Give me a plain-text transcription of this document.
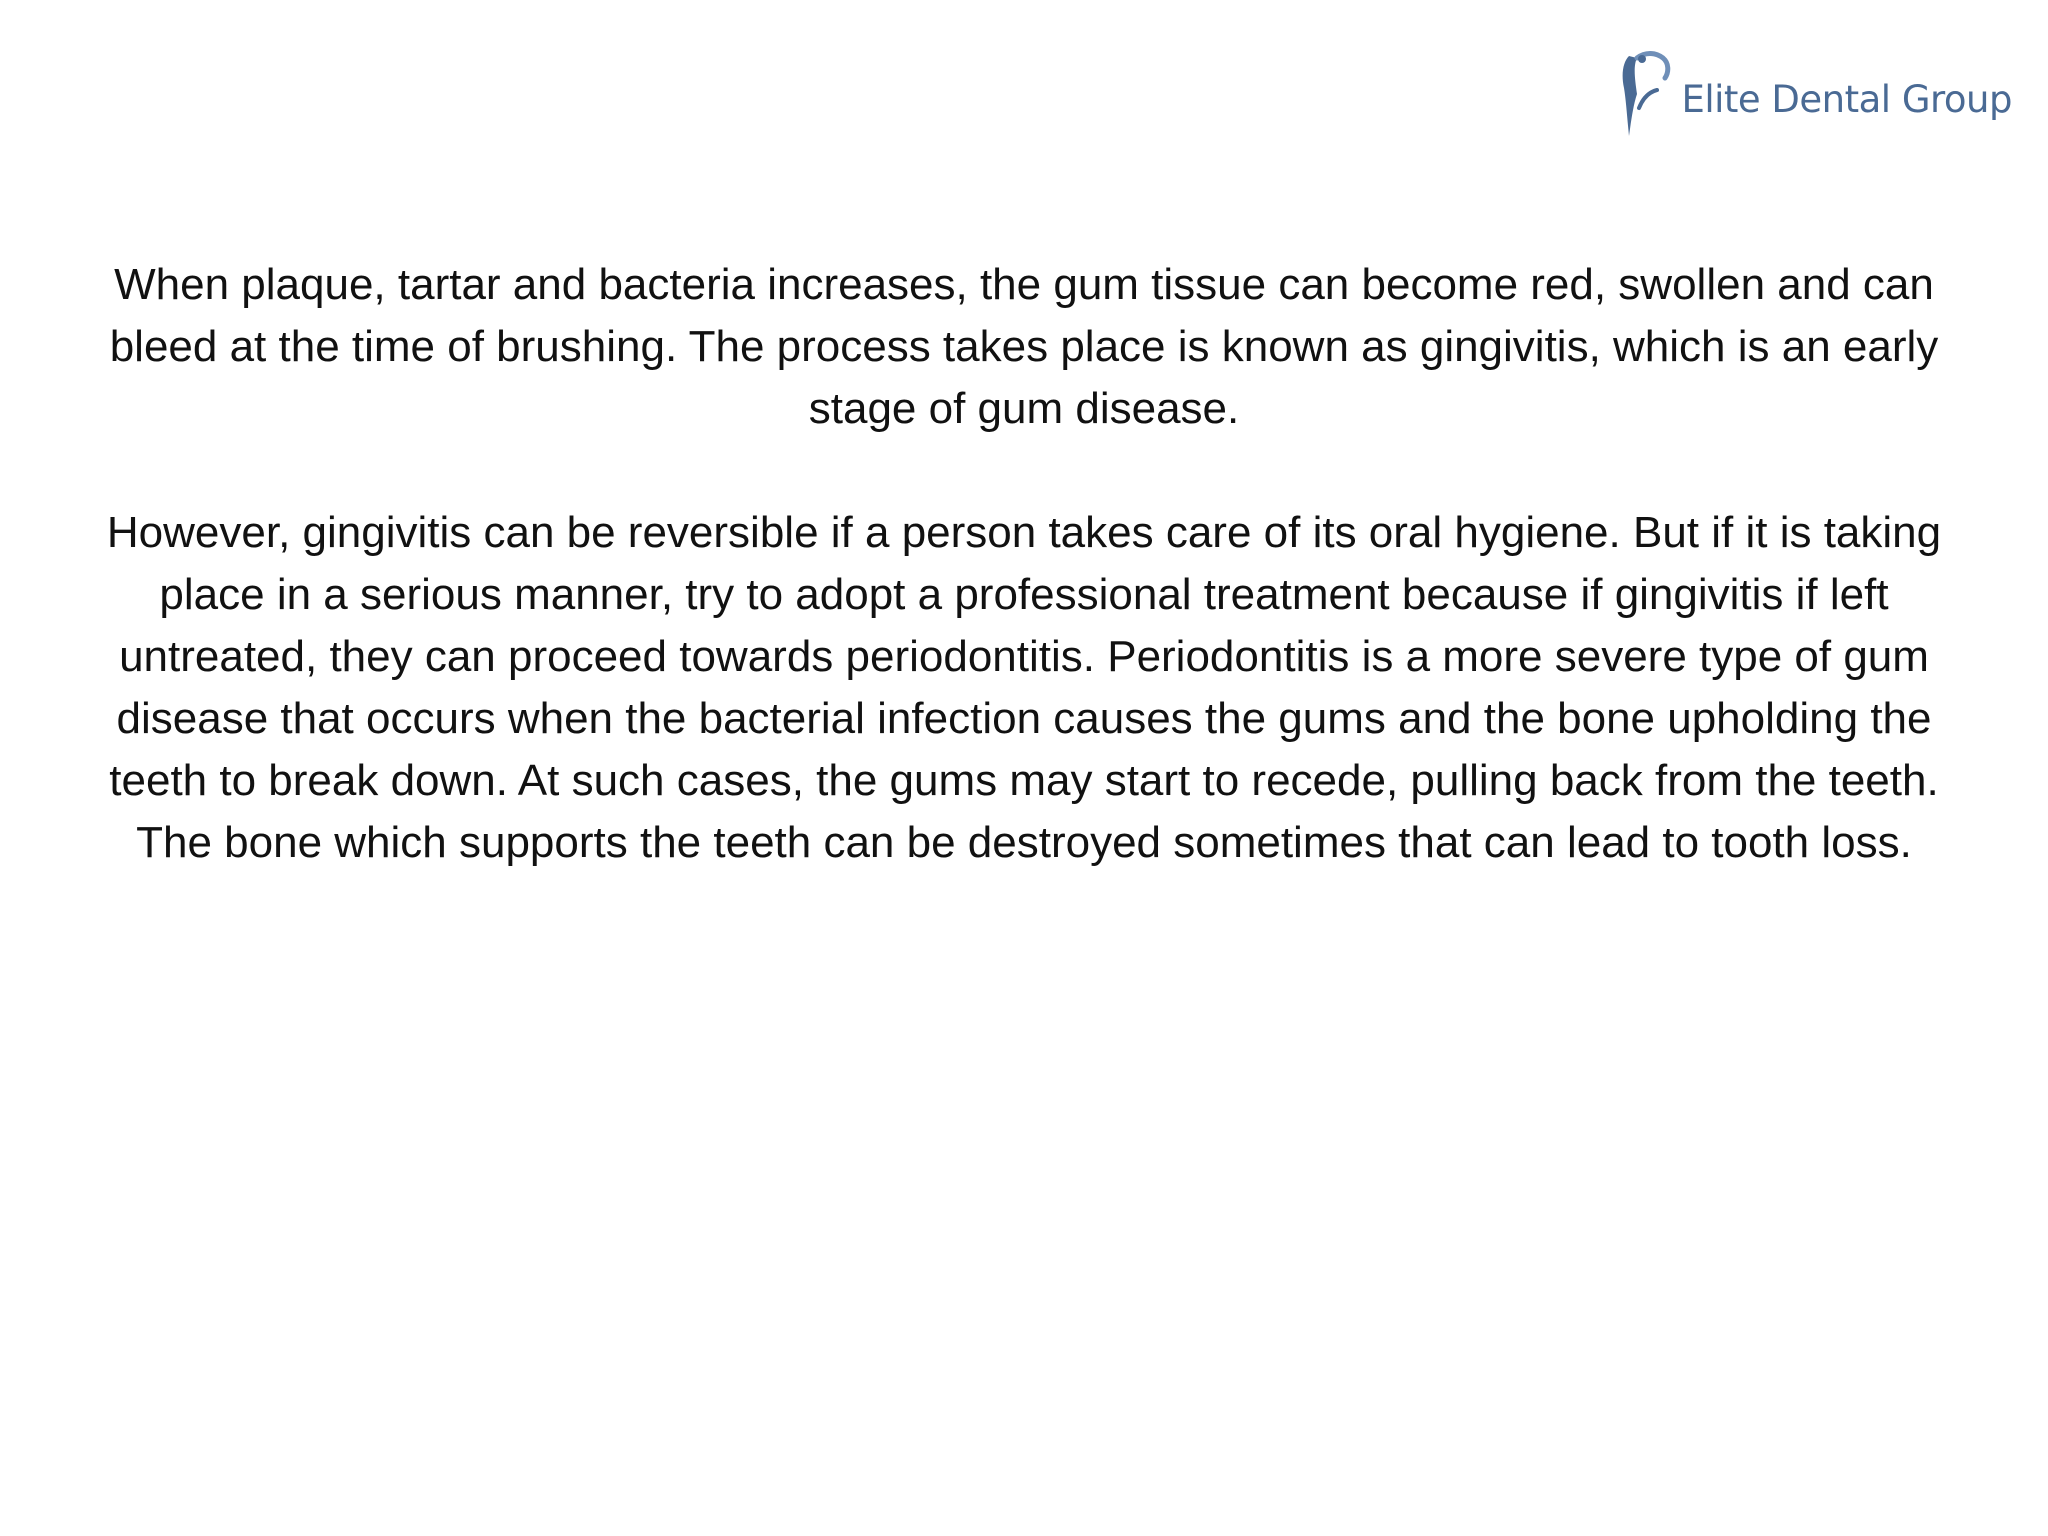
Elite Dental Group

When plaque, tartar and bacteria increases, the gum tissue can become red, swollen and can bleed at the time of brushing. The process takes place is known as gingivitis, which is an early stage of gum disease.

However, gingivitis can be reversible if a person takes care of its oral hygiene. But if it is taking place in a serious manner, try to adopt a professional treatment because if gingivitis if left untreated, they can proceed towards periodontitis. Periodontitis is a more severe type of gum disease that occurs when the bacterial infection causes the gums and the bone upholding the teeth to break down. At such cases, the gums may start to recede, pulling back from the teeth. The bone which supports the teeth can be destroyed sometimes that can lead to tooth loss.
